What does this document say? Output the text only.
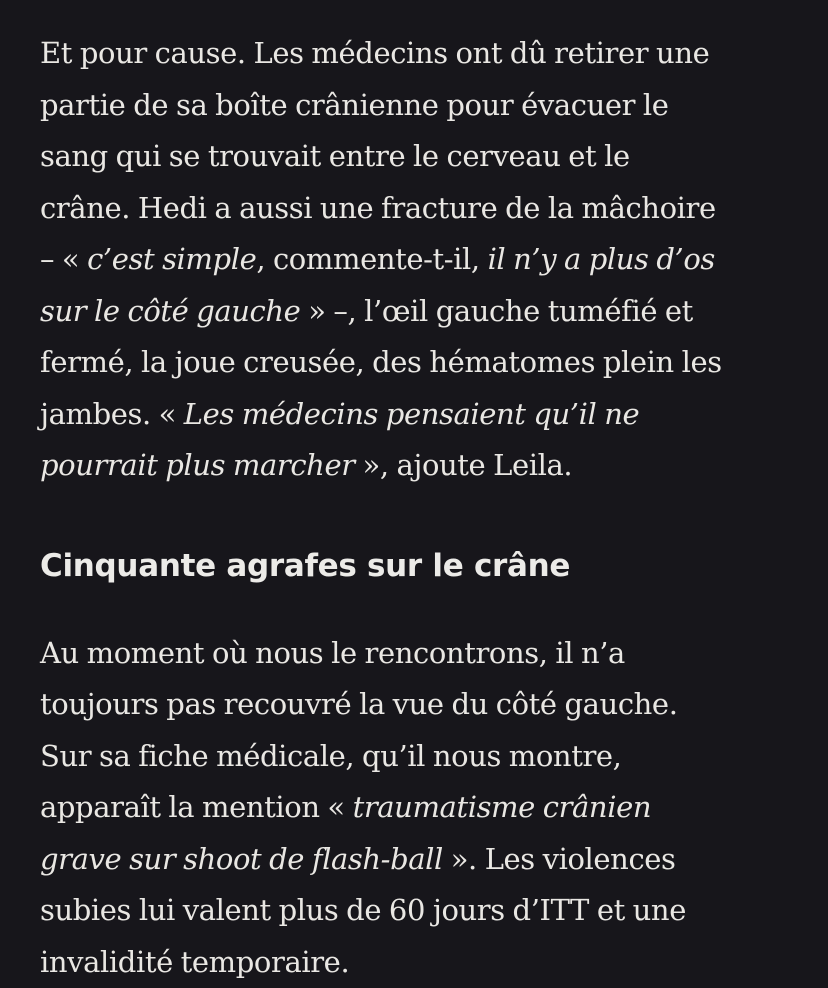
Et pour cause. Les médecins ont dû retirer une
partie de sa boîte crânienne pour évacuer le
sang qui se trouvait entre le cerveau et le
crâne. Hedi a aussi une fracture de la mâchoire
– « c’est simple, commente-t-il, il n’y a plus d’os
sur le côté gauche » –, l’œil gauche tuméfié et
fermé, la joue creusée, des hématomes plein les
jambes. « Les médecins pensaient qu’il ne
pourrait plus marcher », ajoute Leila.

Cinquante agrafes sur le crâne

Au moment où nous le rencontrons, il n’a
toujours pas recouvré la vue du côté gauche.
Sur sa fiche médicale, qu’il nous montre,
apparaît la mention « traumatisme crânien
grave sur shoot de flash-ball ». Les violences
subies lui valent plus de 60 jours d’ITT et une
invalidité temporaire.
